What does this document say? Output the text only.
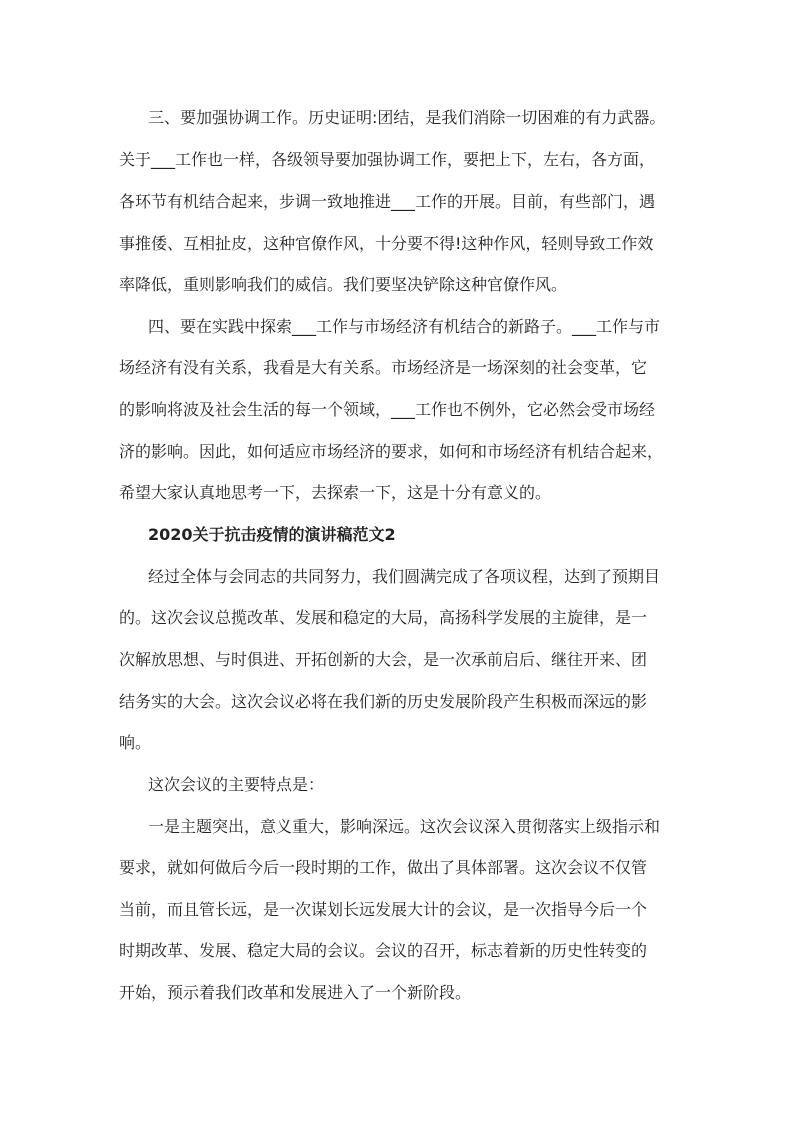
三、要加强协调工作。历史证明:团结，是我们消除一切困难的有力武器。
关于___工作也一样，各级领导要加强协调工作，要把上下，左右，各方面，
各环节有机结合起来，步调一致地推进___工作的开展。目前，有些部门，遇
事推倭、互相扯皮，这种官僚作风，十分要不得!这种作风，轻则导致工作效
率降低，重则影响我们的威信。我们要坚决铲除这种官僚作风。
四、要在实践中探索___工作与市场经济有机结合的新路子。___工作与市
场经济有没有关系，我看是大有关系。市场经济是一场深刻的社会变革，它
的影响将波及社会生活的每一个领域，___工作也不例外，它必然会受市场经
济的影响。因此，如何适应市场经济的要求，如何和市场经济有机结合起来，
希望大家认真地思考一下，去探索一下，这是十分有意义的。
2020关于抗击疫情的演讲稿范文2
经过全体与会同志的共同努力，我们圆满完成了各项议程，达到了预期目
的。这次会议总揽改革、发展和稳定的大局，高扬科学发展的主旋律，是一
次解放思想、与时俱进、开拓创新的大会，是一次承前启后、继往开来、团
结务实的大会。这次会议必将在我们新的历史发展阶段产生积极而深远的影
响。
这次会议的主要特点是：
一是主题突出，意义重大，影响深远。这次会议深入贯彻落实上级指示和
要求，就如何做后今后一段时期的工作，做出了具体部署。这次会议不仅管
当前，而且管长远，是一次谋划长远发展大计的会议，是一次指导今后一个
时期改革、发展、稳定大局的会议。会议的召开，标志着新的历史性转变的
开始，预示着我们改革和发展进入了一个新阶段。
